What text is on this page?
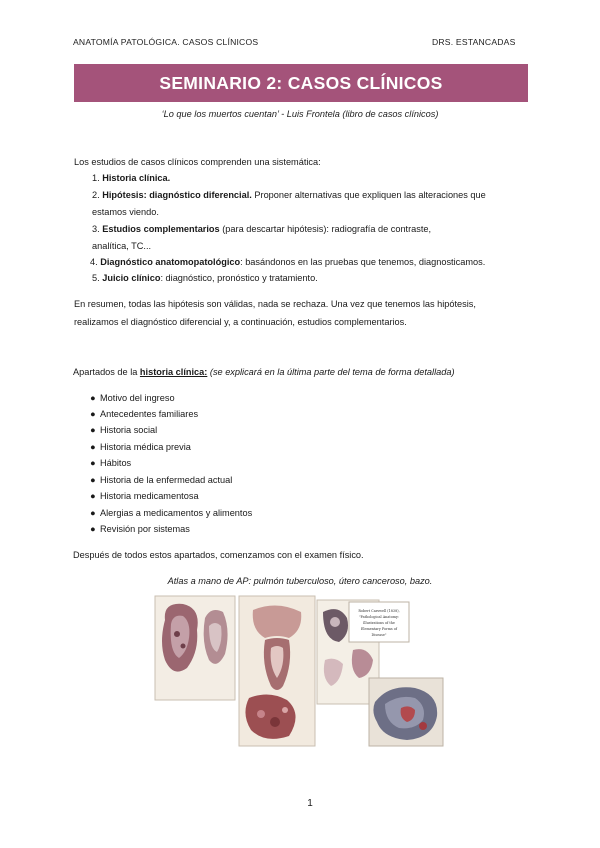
ANATOMÍA PATOLÓGICA. CASOS CLÍNICOS	DRS. ESTANCADAS
SEMINARIO 2: CASOS CLÍNICOS
‘Lo que los muertos cuentan’ - Luis Frontela (libro de casos clínicos)
Los estudios de casos clínicos comprenden una sistemática:
1. Historia clínica.
2. Hipótesis: diagnóstico diferencial. Proponer alternativas que expliquen las alteraciones que
estamos viendo.
3. Estudios complementarios (para descartar hipótesis): radiografía de contraste,
analítica, TC...
4. Diagnóstico anatomopatológico: basándonos en las pruebas que tenemos, diagnosticamos.
5. Juicio clínico: diagnóstico, pronóstico y tratamiento.
En resumen, todas las hipótesis son válidas, nada se rechaza. Una vez que tenemos las hipótesis,
realizamos el diagnóstico diferencial y, a continuación, estudios complementarios.
Apartados de la historia clínica: (se explicará en la última parte del tema de forma detallada)
● Motivo del ingreso
● Antecedentes familiares
● Historia social
● Historia médica previa
● Hábitos
● Historia de la enfermedad actual
● Historia medicamentosa
● Alergias a medicamentos y alimentos
● Revisión por sistemas
Después de todos estos apartados, comenzamos con el examen físico.
Atlas a mano de AP: pulmón tuberculoso, útero canceroso, bazo.
Robert Carswell (1838),
"Pathological Anatomy:
Illustrations of the
Elementary Forms of
Disease"
1
